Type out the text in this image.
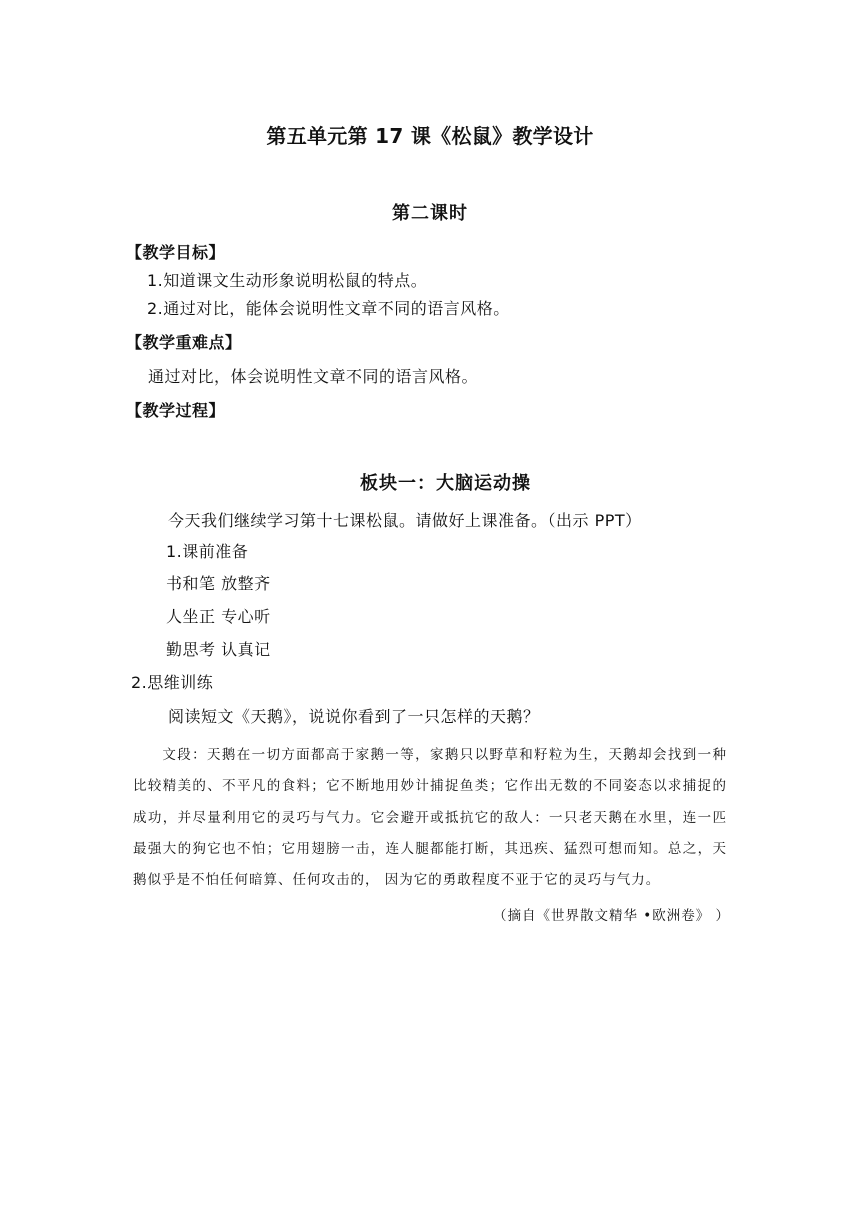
第五单元第 17 课《松鼠》教学设计
第二课时
【教学目标】
1.知道课文生动形象说明松鼠的特点。
2.通过对比，能体会说明性文章不同的语言风格。
【教学重难点】
通过对比，体会说明性文章不同的语言风格。
【教学过程】
板块一：大脑运动操
今天我们继续学习第十七课松鼠。请做好上课准备。（出示 PPT）
1.课前准备
书和笔 放整齐
人坐正 专心听
勤思考 认真记
2.思维训练
阅读短文《天鹅》，说说你看到了一只怎样的天鹅？
文段：天鹅在一切方面都高于家鹅一等，家鹅只以野草和籽粒为生，天鹅却会找到一种比较精美的、不平凡的食料；它不断地用妙计捕捉鱼类；它作出无数的不同姿态以求捕捉的成功，并尽量利用它的灵巧与气力。它会避开或抵抗它的敌人：一只老天鹅在水里，连一匹最强大的狗它也不怕；它用翅膀一击，连人腿都能打断，其迅疾、猛烈可想而知。总之，天鹅似乎是不怕任何暗算、任何攻击的， 因为它的勇敢程度不亚于它的灵巧与气力。
（摘自《世界散文精华 •欧洲卷》 ）
